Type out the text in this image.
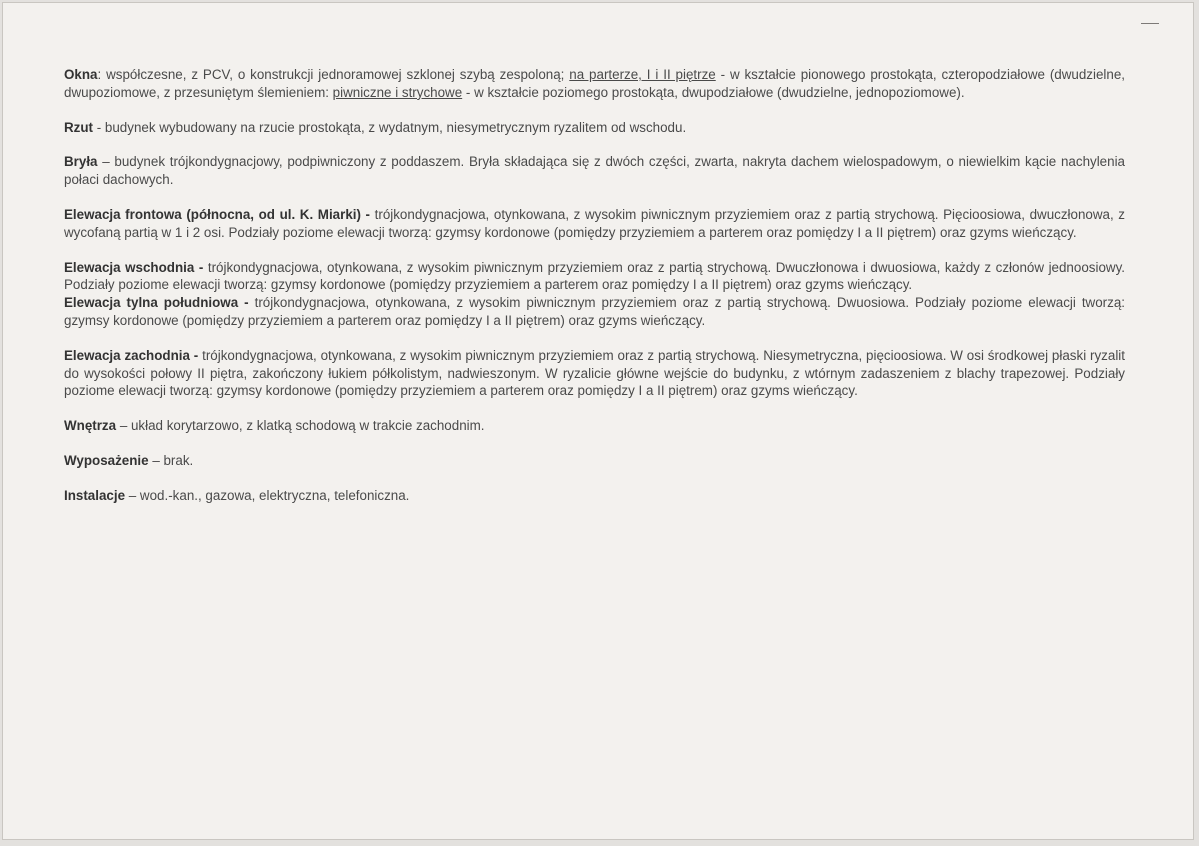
Okna: współczesne, z PCV, o konstrukcji jednoramowej szklonej szybą zespoloną; na parterze, I i II piętrze - w kształcie pionowego prostokąta, czteropodziałowe (dwudzielne, dwupoziomowe, z przesuniętym ślemieniem: piwniczne i strychowe - w kształcie poziomego prostokąta, dwupodziałowe (dwudzielne, jednopoziomowe).

Rzut - budynek wybudowany na rzucie prostokąta, z wydatnym, niesymetrycznym ryzalitem od wschodu.

Bryła – budynek trójkondygnacjowy, podpiwniczony z poddaszem. Bryła składająca się z dwóch części, zwarta, nakryta dachem wielospadowym, o niewielkim kącie nachylenia połaci dachowych.

Elewacja frontowa (północna, od ul. K. Miarki) - trójkondygnacjowa, otynkowana, z wysokim piwnicznym przyziemiem oraz z partią strychową. Pięcioosiowa, dwuczłonowa, z wycofaną partią w 1 i 2 osi. Podziały poziome elewacji tworzą: gzymsy kordonowe (pomiędzy przyziemiem a parterem oraz pomiędzy I a II piętrem) oraz gzyms wieńczący.

Elewacja wschodnia - trójkondygnacjowa, otynkowana, z wysokim piwnicznym przyziemiem oraz z partią strychową. Dwuczłonowa i dwuosiowa, każdy z członów jednoosiowy. Podziały poziome elewacji tworzą: gzymsy kordonowe (pomiędzy przyziemiem a parterem oraz pomiędzy I a II piętrem) oraz gzyms wieńczący.

Elewacja tylna południowa - trójkondygnacjowa, otynkowana, z wysokim piwnicznym przyziemiem oraz z partią strychową. Dwuosiowa. Podziały poziome elewacji tworzą: gzymsy kordonowe (pomiędzy przyziemiem a parterem oraz pomiędzy I a II piętrem) oraz gzyms wieńczący.

Elewacja zachodnia - trójkondygnacjowa, otynkowana, z wysokim piwnicznym przyziemiem oraz z partią strychową. Niesymetryczna, pięcioosiowa. W osi środkowej płaski ryzalit do wysokości połowy II piętra, zakończony łukiem półkolistym, nadwieszonym. W ryzalicie główne wejście do budynku, z wtórnym zadaszeniem z blachy trapezowej. Podziały poziome elewacji tworzą: gzymsy kordonowe (pomiędzy przyziemiem a parterem oraz pomiędzy I a II piętrem) oraz gzyms wieńczący.

Wnętrza – układ korytarzowo, z klatką schodową w trakcie zachodnim.

Wyposażenie – brak.

Instalacje – wod.-kan., gazowa, elektryczna, telefoniczna.
